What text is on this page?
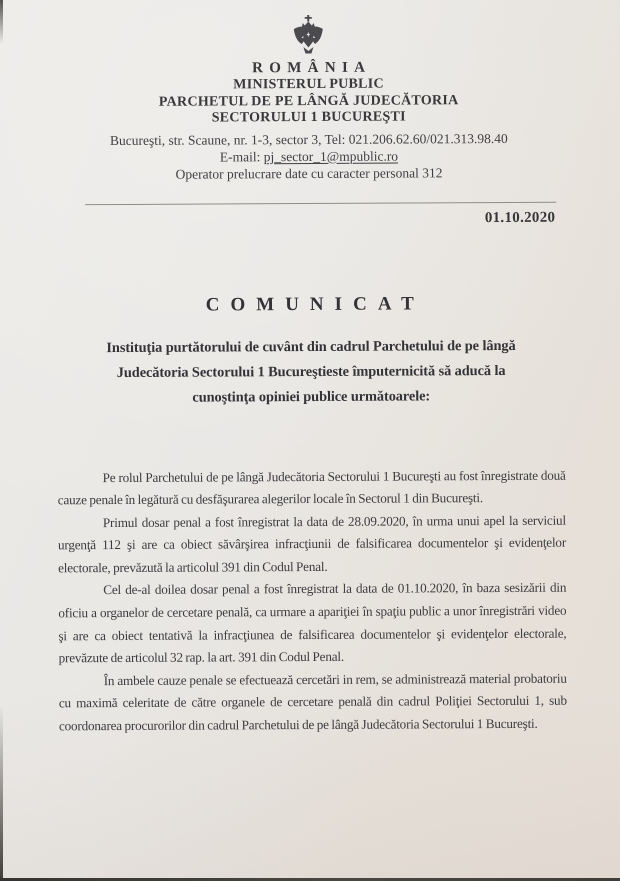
ROMÂNIA
MINISTERUL PUBLIC
PARCHETUL DE PE LÂNGĂ JUDECĂTORIA
SECTORULUI 1 BUCUREŞTI
Bucureşti, str. Scaune, nr. 1-3, sector 3, Tel: 021.206.62.60/021.313.98.40
E-mail: pj_sector_1@mpublic.ro
Operator prelucrare date cu caracter personal 312
01.10.2020
COMUNICAT

Instituţia purtătorului de cuvânt din cadrul Parchetului de pe lângă Judecătoria Sectorului 1 Bucureştieste împuternicită să aducă la cunoştinţa opiniei publice următoarele:

Pe rolul Parchetului de pe lângă Judecătoria Sectorului 1 Bucureşti au fost înregistrate două cauze penale în legătură cu desfăşurarea alegerilor locale în Sectorul 1 din Bucureşti.

Primul dosar penal a fost înregistrat la data de 28.09.2020, în urma unui apel la serviciul urgenţă 112 şi are ca obiect săvârşirea infracţiunii de falsificarea documentelor şi evidenţelor electorale, prevăzută la articolul 391 din Codul Penal.

Cel de-al doilea dosar penal a fost înregistrat la data de 01.10.2020, în baza sesizării din oficiu a organelor de cercetare penală, ca urmare a apariţiei în spaţiu public a unor înregistrări video şi are ca obiect tentativă la infracţiunea de falsificarea documentelor şi evidenţelor electorale, prevăzute de articolul 32 rap. la art. 391 din Codul Penal.

În ambele cauze penale se efectuează cercetări in rem, se administrează material probatoriu cu maximă celeritate de către organele de cercetare penală din cadrul Poliţiei Sectorului 1, sub coordonarea procurorilor din cadrul Parchetului de pe lângă Judecătoria Sectorului 1 Bucureşti.
